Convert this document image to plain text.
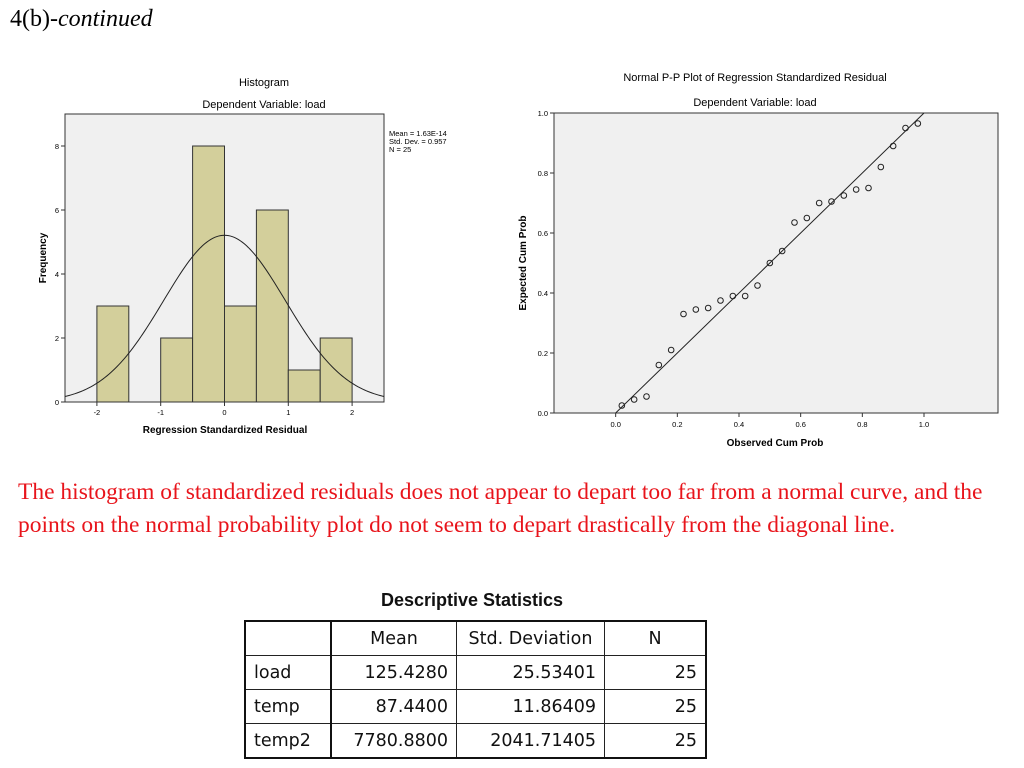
4(b)-continued
Histogram
Dependent Variable: load
-2	-1	0	1	2
0
2
4
6
8
Mean = 1.63E-14
Std. Dev. = 0.957
N = 25
Regression Standardized Residual
Frequency
Normal P-P Plot of Regression Standardized Residual
Dependent Variable: load
0.0	0.2	0.4	0.6	0.8	1.0
0.0
0.2
0.4
0.6
0.8
1.0
Observed Cum Prob
Expected Cum Prob
The histogram of standardized residuals does not appear to depart too far from a normal curve, and the points on the normal probability plot do not seem to depart drastically from the diagonal line.
Descriptive Statistics
	Mean	Std. Deviation	N
load	125.4280	25.53401	25
temp	87.4400	11.86409	25
temp2	7780.8800	2041.71405	25
